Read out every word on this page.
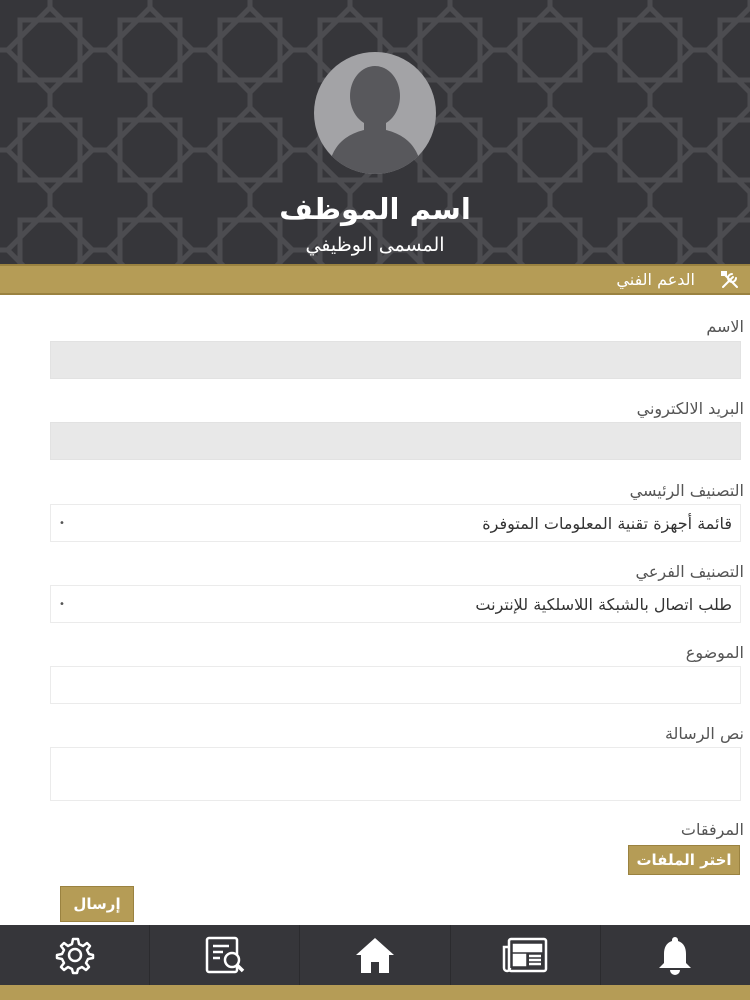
اسم الموظف
المسمى الوظيفي
الدعم الفني
الاسم
البريد الالكتروني
التصنيف الرئيسي
قائمة أجهزة تقنية المعلومات المتوفرة
•
التصنيف الفرعي
طلب اتصال بالشبكة اللاسلكية للإنترنت
•
الموضوع
نص الرسالة
المرفقات
اختر الملفات
إرسال
